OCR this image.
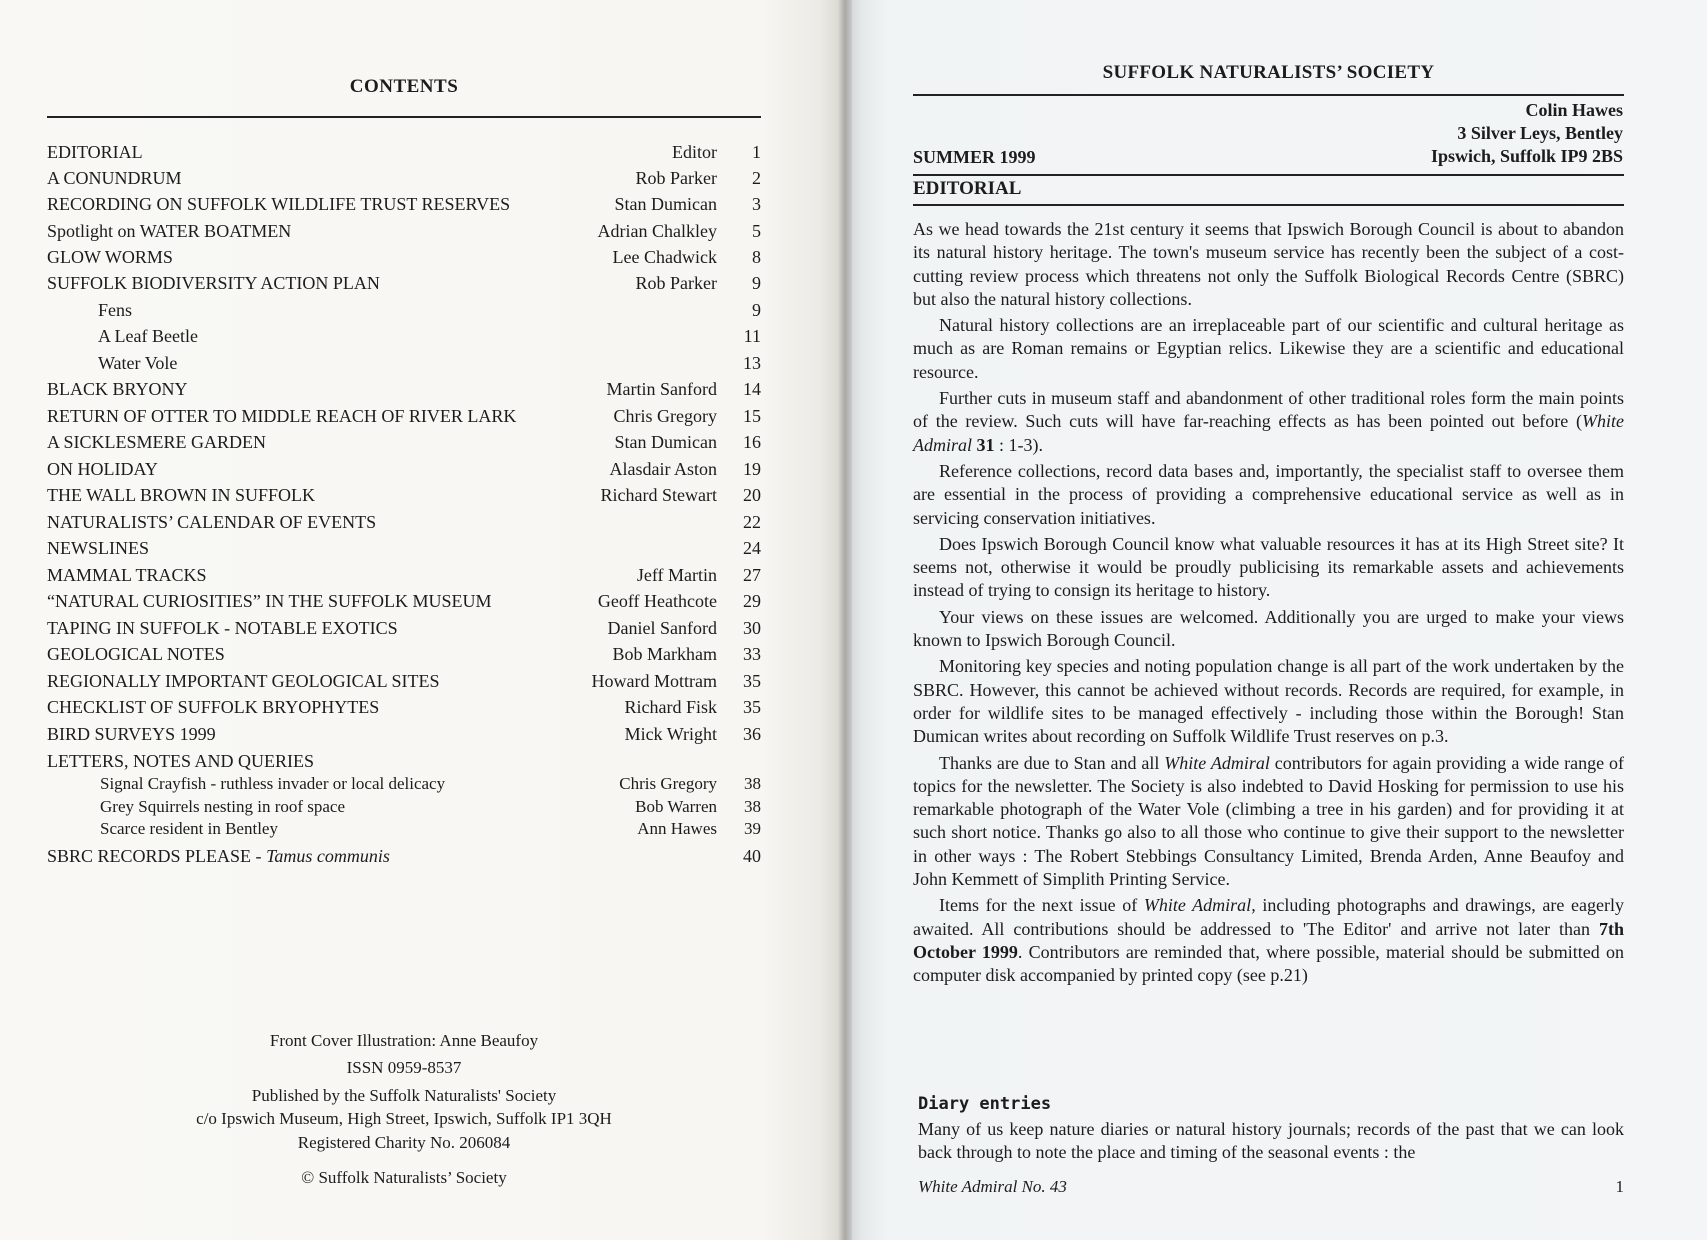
CONTENTS
EDITORIAL	Editor	1
A CONUNDRUM	Rob Parker	2
RECORDING ON SUFFOLK WILDLIFE TRUST RESERVES	Stan Dumican	3
Spotlight on WATER BOATMEN	Adrian Chalkley	5
GLOW WORMS	Lee Chadwick	8
SUFFOLK BIODIVERSITY ACTION PLAN	Rob Parker	9
Fens	9
A Leaf Beetle	11
Water Vole	13
BLACK BRYONY	Martin Sanford	14
RETURN OF OTTER TO MIDDLE REACH OF RIVER LARK	Chris Gregory	15
A SICKLESMERE GARDEN	Stan Dumican	16
ON HOLIDAY	Alasdair Aston	19
THE WALL BROWN IN SUFFOLK	Richard Stewart	20
NATURALISTS’ CALENDAR OF EVENTS	22
NEWSLINES	24
MAMMAL TRACKS	Jeff Martin	27
“NATURAL CURIOSITIES” IN THE SUFFOLK MUSEUM	Geoff Heathcote	29
TAPING IN SUFFOLK - NOTABLE EXOTICS	Daniel Sanford	30
GEOLOGICAL NOTES	Bob Markham	33
REGIONALLY IMPORTANT GEOLOGICAL SITES	Howard Mottram	35
CHECKLIST OF SUFFOLK BRYOPHYTES	Richard Fisk	35
BIRD SURVEYS 1999	Mick Wright	36
LETTERS, NOTES AND QUERIES
Signal Crayfish - ruthless invader or local delicacy	Chris Gregory	38
Grey Squirrels nesting in roof space	Bob Warren	38
Scarce resident in Bentley	Ann Hawes	39
SBRC RECORDS PLEASE - Tamus communis	40
Front Cover Illustration: Anne Beaufoy
ISSN 0959-8537
Published by the Suffolk Naturalists' Society
c/o Ipswich Museum, High Street, Ipswich, Suffolk IP1 3QH
Registered Charity No. 206084
© Suffolk Naturalists’ Society
SUFFOLK NATURALISTS’ SOCIETY
Colin Hawes
3 Silver Leys, Bentley
Ipswich, Suffolk IP9 2BS
SUMMER 1999
EDITORIAL

As we head towards the 21st century it seems that Ipswich Borough Council is about to abandon its natural history heritage. The town's museum service has recently been the subject of a cost-cutting review process which threatens not only the Suffolk Biological Records Centre (SBRC) but also the natural history collections.

Natural history collections are an irreplaceable part of our scientific and cultural heritage as much as are Roman remains or Egyptian relics. Likewise they are a scientific and educational resource.

Further cuts in museum staff and abandonment of other traditional roles form the main points of the review. Such cuts will have far-reaching effects as has been pointed out before (White Admiral 31 : 1-3).

Reference collections, record data bases and, importantly, the specialist staff to oversee them are essential in the process of providing a comprehensive educational service as well as in servicing conservation initiatives.

Does Ipswich Borough Council know what valuable resources it has at its High Street site? It seems not, otherwise it would be proudly publicising its remarkable assets and achievements instead of trying to consign its heritage to history.

Your views on these issues are welcomed. Additionally you are urged to make your views known to Ipswich Borough Council.

Monitoring key species and noting population change is all part of the work undertaken by the SBRC. However, this cannot be achieved without records. Records are required, for example, in order for wildlife sites to be managed effectively - including those within the Borough! Stan Dumican writes about recording on Suffolk Wildlife Trust reserves on p.3.

Thanks are due to Stan and all White Admiral contributors for again providing a wide range of topics for the newsletter. The Society is also indebted to David Hosking for permission to use his remarkable photograph of the Water Vole (climbing a tree in his garden) and for providing it at such short notice. Thanks go also to all those who continue to give their support to the newsletter in other ways : The Robert Stebbings Consultancy Limited, Brenda Arden, Anne Beaufoy and John Kemmett of Simplith Printing Service.

Items for the next issue of White Admiral, including photographs and drawings, are eagerly awaited. All contributions should be addressed to 'The Editor' and arrive not later than 7th October 1999. Contributors are reminded that, where possible, material should be submitted on computer disk accompanied by printed copy (see p.21)

Diary entries

Many of us keep nature diaries or natural history journals; records of the past that we can look back through to note the place and timing of the seasonal events : the

White Admiral No. 43	1
